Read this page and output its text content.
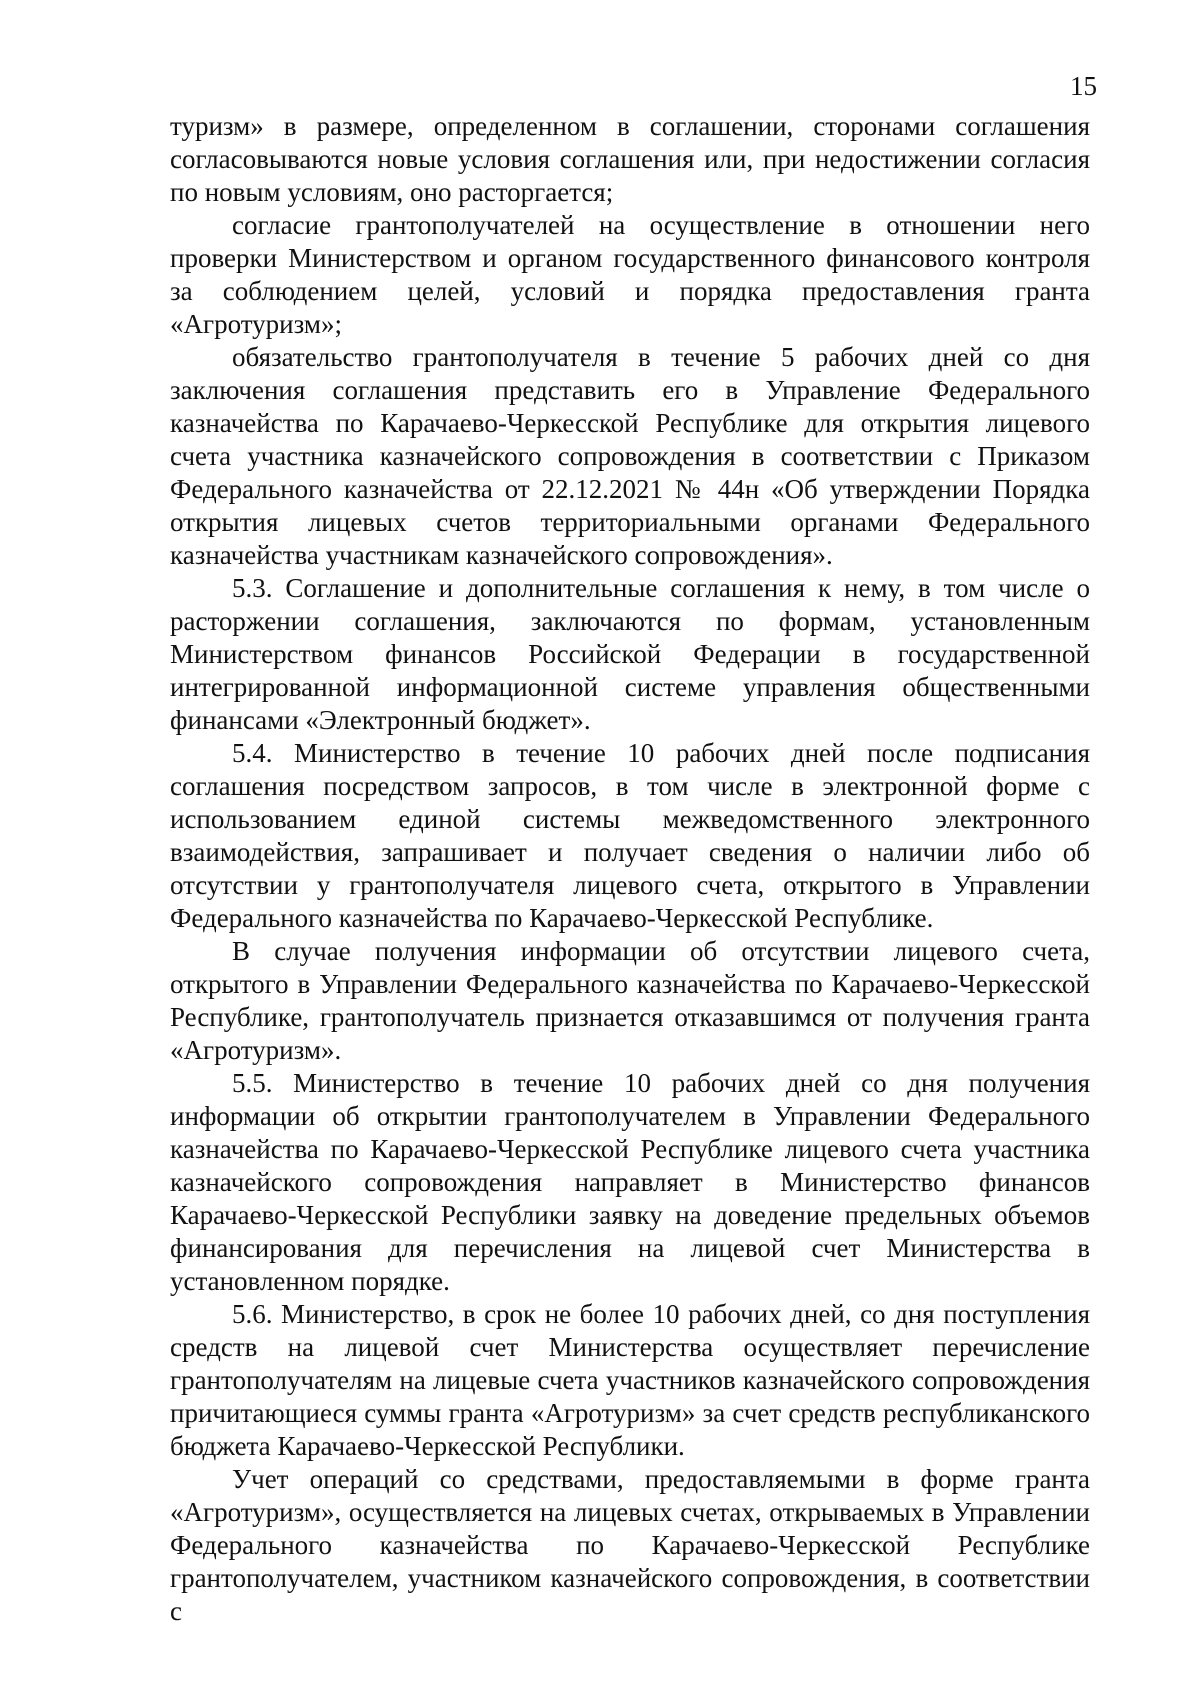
15

туризм» в размере, определенном в соглашении, сторонами соглашения согласовываются новые условия соглашения или, при недостижении согласия по новым условиям, оно расторгается;

согласие грантополучателей на осуществление в отношении него проверки Министерством и органом государственного финансового контроля за соблюдением целей, условий и порядка предоставления гранта «Агротуризм»;

обязательство грантополучателя в течение 5 рабочих дней со дня заключения соглашения представить его в Управление Федерального казначейства по Карачаево-Черкесской Республике для открытия лицевого счета участника казначейского сопровождения в соответствии с Приказом Федерального казначейства от 22.12.2021 № 44н «Об утверждении Порядка открытия лицевых счетов территориальными органами Федерального казначейства участникам казначейского сопровождения».

5.3. Соглашение и дополнительные соглашения к нему, в том числе о расторжении соглашения, заключаются по формам, установленным Министерством финансов Российской Федерации в государственной интегрированной информационной системе управления общественными финансами «Электронный бюджет».

5.4. Министерство в течение 10 рабочих дней после подписания соглашения посредством запросов, в том числе в электронной форме с использованием единой системы межведомственного электронного взаимодействия, запрашивает и получает сведения о наличии либо об отсутствии у грантополучателя лицевого счета, открытого в Управлении Федерального казначейства по Карачаево-Черкесской Республике.

В случае получения информации об отсутствии лицевого счета, открытого в Управлении Федерального казначейства по Карачаево-Черкесской Республике, грантополучатель признается отказавшимся от получения гранта «Агротуризм».

5.5. Министерство в течение 10 рабочих дней со дня получения информации об открытии грантополучателем в Управлении Федерального казначейства по Карачаево-Черкесской Республике лицевого счета участника казначейского сопровождения направляет в Министерство финансов Карачаево-Черкесской Республики заявку на доведение предельных объемов финансирования для перечисления на лицевой счет Министерства в установленном порядке.

5.6. Министерство, в срок не более 10 рабочих дней, со дня поступления средств на лицевой счет Министерства осуществляет перечисление грантополучателям на лицевые счета участников казначейского сопровождения причитающиеся суммы гранта «Агротуризм» за счет средств республиканского бюджета Карачаево-Черкесской Республики.

Учет операций со средствами, предоставляемыми в форме гранта «Агротуризм», осуществляется на лицевых счетах, открываемых в Управлении Федерального казначейства по Карачаево-Черкесской Республике грантополучателем, участником казначейского сопровождения, в соответствии с
